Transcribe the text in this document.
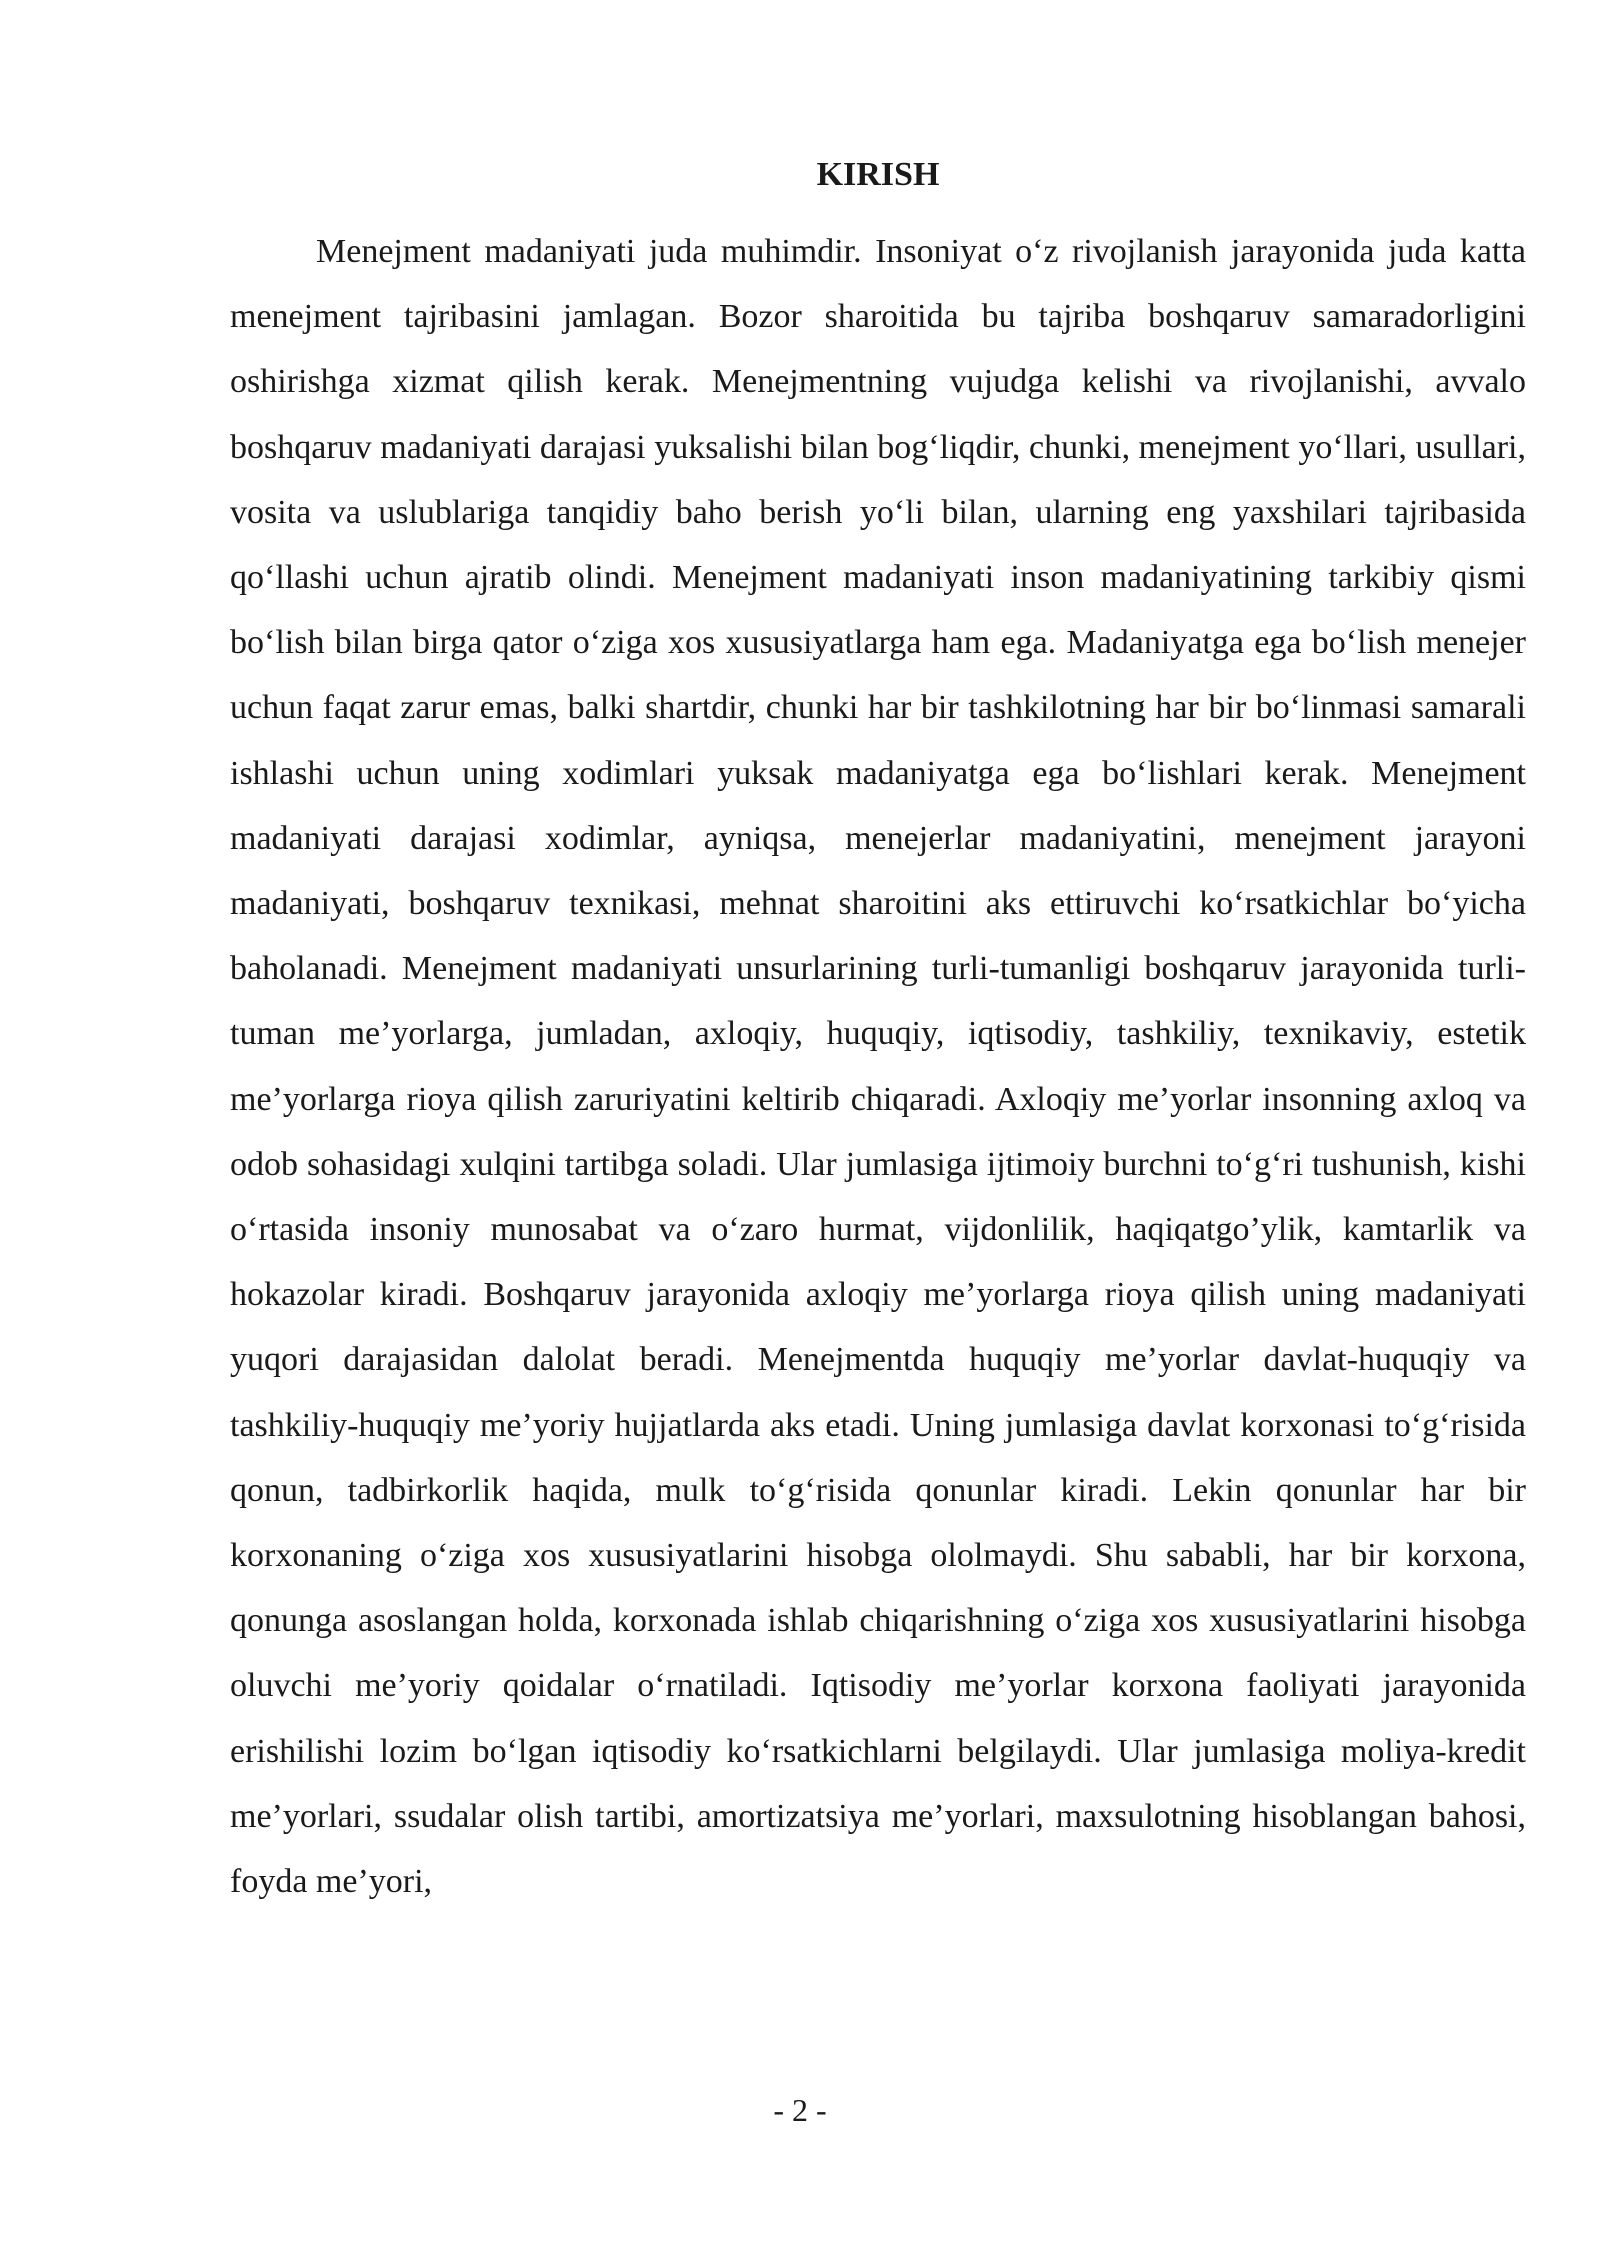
KIRISH

Menejment madaniyati juda muhimdir. Insoniyat o‘z rivojlanish jarayonida juda katta menejment tajribasini jamlagan. Bozor sharoitida bu tajriba boshqaruv samaradorligini oshirishga xizmat qilish kerak. Menejmentning vujudga kelishi va rivojlanishi, avvalo boshqaruv madaniyati darajasi yuksalishi bilan bog‘liqdir, chunki, menejment yo‘llari, usullari, vosita va uslublariga tanqidiy baho berish yo‘li bilan, ularning eng yaxshilari tajribasida qo‘llashi uchun ajratib olindi. Menejment madaniyati inson madaniyatining tarkibiy qismi bo‘lish bilan birga qator o‘ziga xos xususiyatlarga ham ega. Madaniyatga ega bo‘lish menejer uchun faqat zarur emas, balki shartdir, chunki har bir tashkilotning har bir bo‘linmasi samarali ishlashi uchun uning xodimlari yuksak madaniyatga ega bo‘lishlari kerak. Menejment madaniyati darajasi xodimlar, ayniqsa, menejerlar madaniyatini, menejment jarayoni madaniyati, boshqaruv texnikasi, mehnat sharoitini aks ettiruvchi ko‘rsatkichlar bo‘yicha baholanadi. Menejment madaniyati unsurlarining turli-tumanligi boshqaruv jarayonida turli-tuman me’yorlarga, jumladan, axloqiy, huquqiy, iqtisodiy, tashkiliy, texnikaviy, estetik me’yorlarga rioya qilish zaruriyatini keltirib chiqaradi. Axloqiy me’yorlar insonning axloq va odob sohasidagi xulqini tartibga soladi. Ular jumlasiga ijtimoiy burchni to‘g‘ri tushunish, kishi o‘rtasida insoniy munosabat va o‘zaro hurmat, vijdonlilik, haqiqatgo’ylik, kamtarlik va hokazolar kiradi. Boshqaruv jarayonida axloqiy me’yorlarga rioya qilish uning madaniyati yuqori darajasidan dalolat beradi. Menejmentda huquqiy me’yorlar davlat-huquqiy va tashkiliy-huquqiy me’yoriy hujjatlarda aks etadi. Uning jumlasiga davlat korxonasi to‘g‘risida qonun, tadbirkorlik haqida, mulk to‘g‘risida qonunlar kiradi. Lekin qonunlar har bir korxonaning o‘ziga xos xususiyatlarini hisobga ololmaydi. Shu sababli, har bir korxona, qonunga asoslangan holda, korxonada ishlab chiqarishning o‘ziga xos xususiyatlarini hisobga oluvchi me’yoriy qoidalar o‘rnatiladi. Iqtisodiy me’yorlar korxona faoliyati jarayonida erishilishi lozim bo‘lgan iqtisodiy ko‘rsatkichlarni belgilaydi. Ular jumlasiga moliya-kredit me’yorlari, ssudalar olish tartibi, amortizatsiya me’yorlari, maxsulotning hisoblangan bahosi, foyda me’yori,

- 2 -
